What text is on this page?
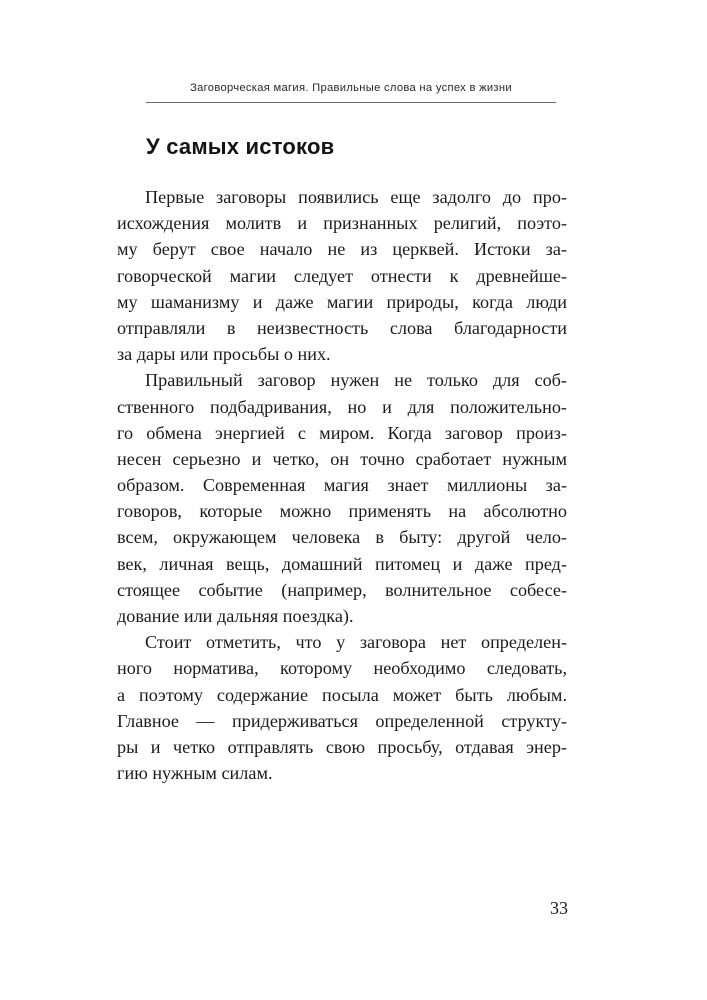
Заговорческая магия. Правильные слова на успех в жизни
У самых истоков

Первые заговоры появились еще задолго до про-
исхождения молитв и признанных религий, поэто-
му берут свое начало не из церквей. Истоки за-
говорческой магии следует отнести к древнейше-
му шаманизму и даже магии природы, когда люди
отправляли в неизвестность слова благодарности
за дары или просьбы о них.

Правильный заговор нужен не только для соб-
ственного подбадривания, но и для положительно-
го обмена энергией с миром. Когда заговор произ-
несен серьезно и четко, он точно сработает нужным
образом. Современная магия знает миллионы за-
говоров, которые можно применять на абсолютно
всем, окружающем человека в быту: другой чело-
век, личная вещь, домашний питомец и даже пред-
стоящее событие (например, волнительное собесе-
дование или дальняя поездка).

Стоит отметить, что у заговора нет определен-
ного норматива, которому необходимо следовать,
а поэтому содержание посыла может быть любым.
Главное — придерживаться определенной структу-
ры и четко отправлять свою просьбу, отдавая энер-
гию нужным силам.

33
